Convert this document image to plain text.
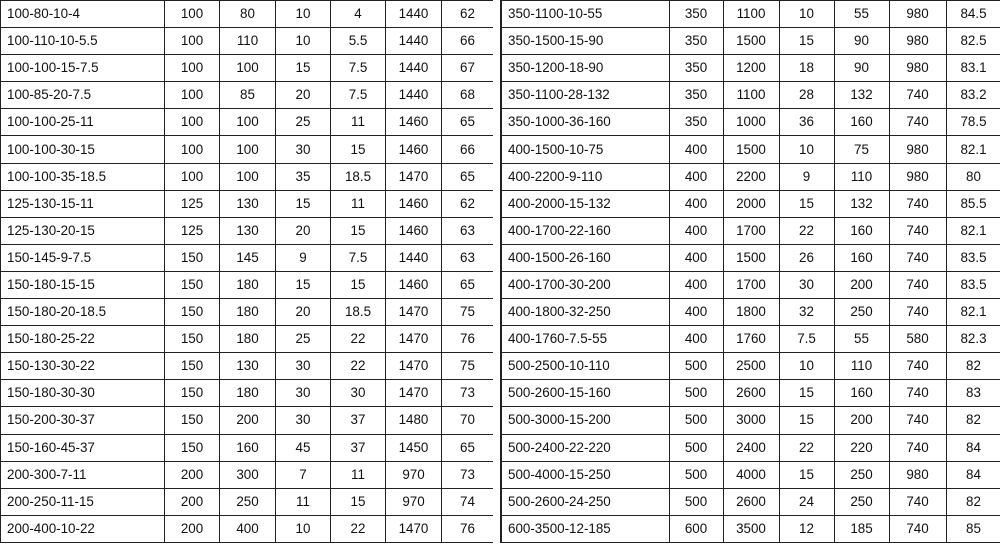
100-80-10-4	100	80	10	4	1440	62
100-110-10-5.5	100	110	10	5.5	1440	66
100-100-15-7.5	100	100	15	7.5	1440	67
100-85-20-7.5	100	85	20	7.5	1440	68
100-100-25-11	100	100	25	11	1460	65
100-100-30-15	100	100	30	15	1460	66
100-100-35-18.5	100	100	35	18.5	1470	65
125-130-15-11	125	130	15	11	1460	62
125-130-20-15	125	130	20	15	1460	63
150-145-9-7.5	150	145	9	7.5	1440	63
150-180-15-15	150	180	15	15	1460	65
150-180-20-18.5	150	180	20	18.5	1470	75
150-180-25-22	150	180	25	22	1470	76
150-130-30-22	150	130	30	22	1470	75
150-180-30-30	150	180	30	30	1470	73
150-200-30-37	150	200	30	37	1480	70
150-160-45-37	150	160	45	37	1450	65
200-300-7-11	200	300	7	11	970	73
200-250-11-15	200	250	11	15	970	74
200-400-10-22	200	400	10	22	1470	76
350-1100-10-55	350	1100	10	55	980	84.5
350-1500-15-90	350	1500	15	90	980	82.5
350-1200-18-90	350	1200	18	90	980	83.1
350-1100-28-132	350	1100	28	132	740	83.2
350-1000-36-160	350	1000	36	160	740	78.5
400-1500-10-75	400	1500	10	75	980	82.1
400-2200-9-110	400	2200	9	110	980	80
400-2000-15-132	400	2000	15	132	740	85.5
400-1700-22-160	400	1700	22	160	740	82.1
400-1500-26-160	400	1500	26	160	740	83.5
400-1700-30-200	400	1700	30	200	740	83.5
400-1800-32-250	400	1800	32	250	740	82.1
400-1760-7.5-55	400	1760	7.5	55	580	82.3
500-2500-10-110	500	2500	10	110	740	82
500-2600-15-160	500	2600	15	160	740	83
500-3000-15-200	500	3000	15	200	740	82
500-2400-22-220	500	2400	22	220	740	84
500-4000-15-250	500	4000	15	250	980	84
500-2600-24-250	500	2600	24	250	740	82
600-3500-12-185	600	3500	12	185	740	85
